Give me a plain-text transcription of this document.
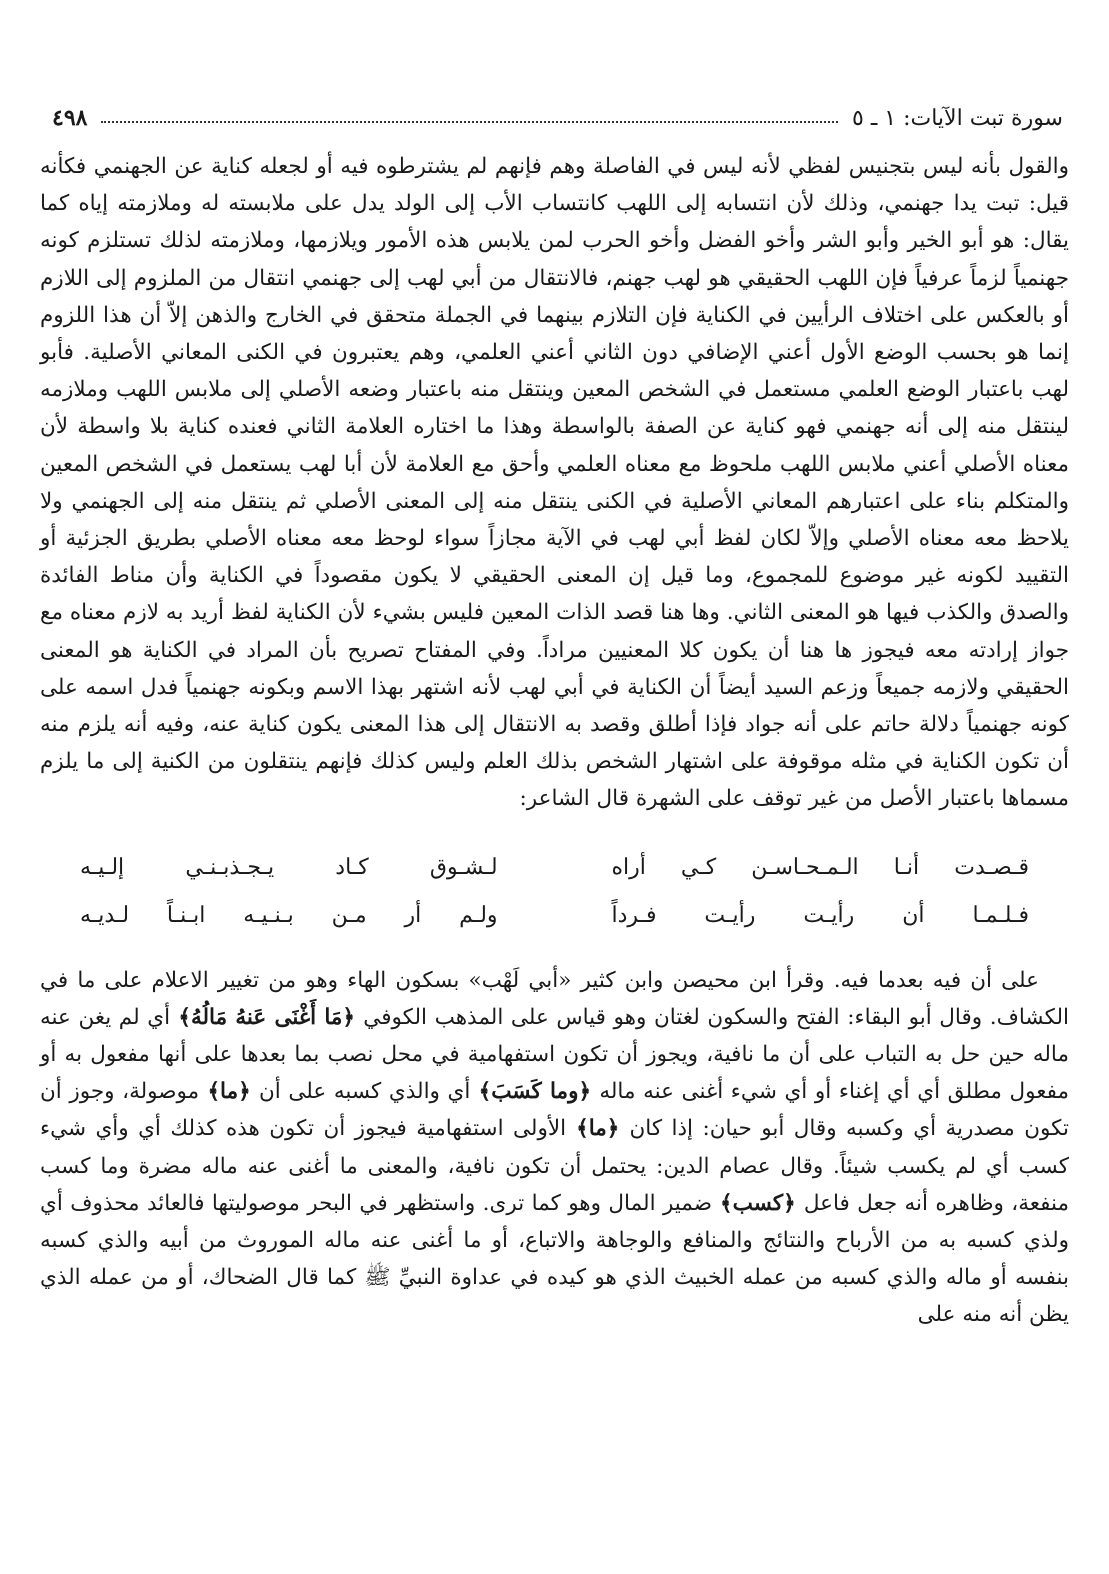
سورة تبت الآيات: ١ ـ ٥
٤٩٨

والقول بأنه ليس بتجنيس لفظي لأنه ليس في الفاصلة وهم فإنهم لم يشترطوه فيه أو لجعله كناية عن الجهنمي فكأنه قيل: تبت يدا جهنمي، وذلك لأن انتسابه إلى اللهب كانتساب الأب إلى الولد يدل على ملابسته له وملازمته إياه كما يقال: هو أبو الخير وأبو الشر وأخو الفضل وأخو الحرب لمن يلابس هذه الأمور ويلازمها، وملازمته لذلك تستلزم كونه جهنمياً لزماً عرفياً فإن اللهب الحقيقي هو لهب جهنم، فالانتقال من أبي لهب إلى جهنمي انتقال من الملزوم إلى اللازم أو بالعكس على اختلاف الرأيين في الكناية فإن التلازم بينهما في الجملة متحقق في الخارج والذهن إلاّ أن هذا اللزوم إنما هو بحسب الوضع الأول أعني الإضافي دون الثاني أعني العلمي، وهم يعتبرون في الكنى المعاني الأصلية. فأبو لهب باعتبار الوضع العلمي مستعمل في الشخص المعين وينتقل منه باعتبار وضعه الأصلي إلى ملابس اللهب وملازمه لينتقل منه إلى أنه جهنمي فهو كناية عن الصفة بالواسطة وهذا ما اختاره العلامة الثاني فعنده كناية بلا واسطة لأن معناه الأصلي أعني ملابس اللهب ملحوظ مع معناه العلمي وأحق مع العلامة لأن أبا لهب يستعمل في الشخص المعين والمتكلم بناء على اعتبارهم المعاني الأصلية في الكنى ينتقل منه إلى المعنى الأصلي ثم ينتقل منه إلى الجهنمي ولا يلاحظ معه معناه الأصلي وإلاّ لكان لفظ أبي لهب في الآية مجازاً سواء لوحظ معه معناه الأصلي بطريق الجزئية أو التقييد لكونه غير موضوع للمجموع، وما قيل إن المعنى الحقيقي لا يكون مقصوداً في الكناية وأن مناط الفائدة والصدق والكذب فيها هو المعنى الثاني. وها هنا قصد الذات المعين فليس بشيء لأن الكناية لفظ أريد به لازم معناه مع جواز إرادته معه فيجوز ها هنا أن يكون كلا المعنيين مراداً. وفي المفتاح تصريح بأن المراد في الكناية هو المعنى الحقيقي ولازمه جميعاً وزعم السيد أيضاً أن الكناية في أبي لهب لأنه اشتهر بهذا الاسم وبكونه جهنمياً فدل اسمه على كونه جهنمياً دلالة حاتم على أنه جواد فإذا أطلق وقصد به الانتقال إلى هذا المعنى يكون كناية عنه، وفيه أنه يلزم منه أن تكون الكناية في مثله موقوفة على اشتهار الشخص بذلك العلم وليس كذلك فإنهم ينتقلون من الكنية إلى ما يلزم مسماها باعتبار الأصل من غير توقف على الشهرة قال الشاعر:

قـصـدت أنـا الـمـحـاسـن كـي أراه
لـشـوق كـاد يـجـذبـنـي إلـيـه
فـلـمـا أن رأيـت رأيـت فـرداً
ولـم أر مـن بـنـيـه ابـنـاً لـديـه

على أن فيه بعدما فيه. وقرأ ابن محيصن وابن كثير «أبي لَهْب» بسكون الهاء وهو من تغيير الاعلام على ما في الكشاف. وقال أبو البقاء: الفتح والسكون لغتان وهو قياس على المذهب الكوفي ﴿مَا أَغْنَى عَنهُ مَالُهُ﴾ أي لم يغن عنه ماله حين حل به التباب على أن ما نافية، ويجوز أن تكون استفهامية في محل نصب بما بعدها على أنها مفعول به أو مفعول مطلق أي أي إغناء أو أي شيء أغنى عنه ماله ﴿وما كَسَبَ﴾ أي والذي كسبه على أن ﴿ما﴾ موصولة، وجوز أن تكون مصدرية أي وكسبه وقال أبو حيان: إذا كان ﴿ما﴾ الأولى استفهامية فيجوز أن تكون هذه كذلك أي وأي شيء كسب أي لم يكسب شيئاً. وقال عصام الدين: يحتمل أن تكون نافية، والمعنى ما أغنى عنه ماله مضرة وما كسب منفعة، وظاهره أنه جعل فاعل ﴿كسب﴾ ضمير المال وهو كما ترى. واستظهر في البحر موصوليتها فالعائد محذوف أي ولذي كسبه به من الأرباح والنتائج والمنافع والوجاهة والاتباع، أو ما أغنى عنه ماله الموروث من أبيه والذي كسبه بنفسه أو ماله والذي كسبه من عمله الخبيث الذي هو كيده في عداوة النبيِّ ﷺ كما قال الضحاك، أو من عمله الذي يظن أنه منه على
